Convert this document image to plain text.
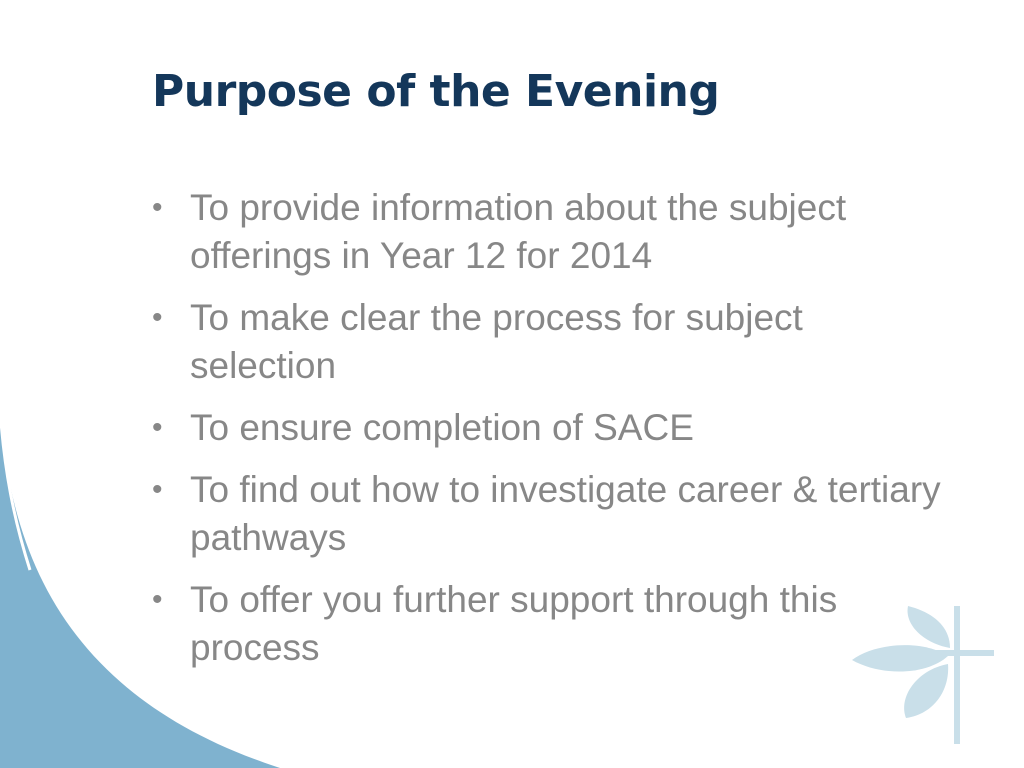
Purpose of the Evening
• To provide information about the subject offerings in Year 12 for 2014
• To make clear the process for subject selection
• To ensure completion of SACE
• To find out how to investigate career & tertiary pathways
• To offer you further support through this process
